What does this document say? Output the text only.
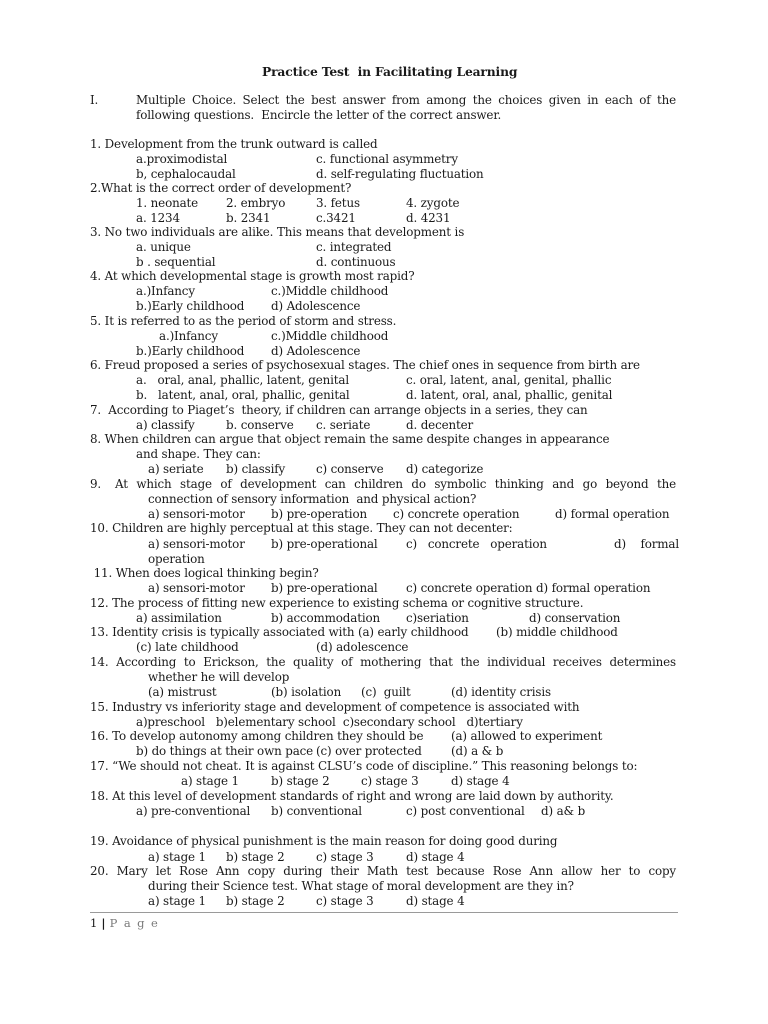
Practice Test  in Facilitating Learning
I.	Multiple Choice. Select the best answer from among the choices given in each of the
following questions.  Encircle the letter of the correct answer.
1. Development from the trunk outward is called
a.proximodistal	c. functional asymmetry
b, cephalocaudal	d. self-regulating fluctuation
2.What is the correct order of development?
1. neonate 2. embryo	3. fetus	4. zygote
a. 1234	b. 2341	c.3421	d. 4231
3. No two individuals are alike. This means that development is
a. unique	c. integrated
b . sequential	d. continuous
4. At which developmental stage is growth most rapid?
a.)Infancy	c.)Middle childhood
b.)Early childhood d) Adolescence
5. It is referred to as the period of storm and stress.
a.)Infancy	c.)Middle childhood
b.)Early childhood d) Adolescence
6. Freud proposed a series of psychosexual stages. The chief ones in sequence from birth are
a.   oral, anal, phallic, latent, genital	c. oral, latent, anal, genital, phallic
b.   latent, anal, oral, phallic, genital	d. latent, oral, anal, phallic, genital
7.  According to Piaget’s  theory, if children can arrange objects in a series, they can
a) classify	b. conserve c. seriate	d. decenter
8. When children can argue that object remain the same despite changes in appearance
and shape. They can:
a) seriate b) classify	c) conserve d) categorize
9. At which stage of development can children do symbolic thinking and go beyond the
connection of sensory information  and physical action?
a) sensori-motor b) pre-operation c) concrete operation	d) formal operation
10. Children are highly perceptual at this stage. They can not decenter:
a) sensori-motor b) pre-operational c)   concrete   operation	d)    formal
operation
11. When does logical thinking begin?
a) sensori-motor b) pre-operational c) concrete operation d) formal operation
12. The process of fitting new experience to existing schema or cognitive structure.
a) assimilation	b) accommodation c)seriation	d) conservation
13. Identity crisis is typically associated with (a) early childhood (b) middle childhood
(c) late childhood	(d) adolescence
14. According to Erickson, the quality of mothering that the individual receives determines
whether he will develop
(a) mistrust	(b) isolation (c)  guilt	(d) identity crisis
15. Industry vs inferiority stage and development of competence is associated with
a)preschool   b)elementary school  c)secondary school   d)tertiary
16. To develop autonomy among children they should be (a) allowed to experiment
b) do things at their own pace (c) over protected (d) a & b
17. “We should not cheat. It is against CLSU’s code of discipline.” This reasoning belongs to:
a) stage 1	b) stage 2	c) stage 3	d) stage 4
18. At this level of development standards of right and wrong are laid down by authority.
a) pre-conventional b) conventional	c) post conventional d) a& b
19. Avoidance of physical punishment is the main reason for doing good during
a) stage 1 b) stage 2	c) stage 3	d) stage 4
20. Mary let Rose Ann copy during their Math test because Rose Ann allow her to copy
during their Science test. What stage of moral development are they in?
a) stage 1 b) stage 2	c) stage 3	d) stage 4
1 | P a g e
